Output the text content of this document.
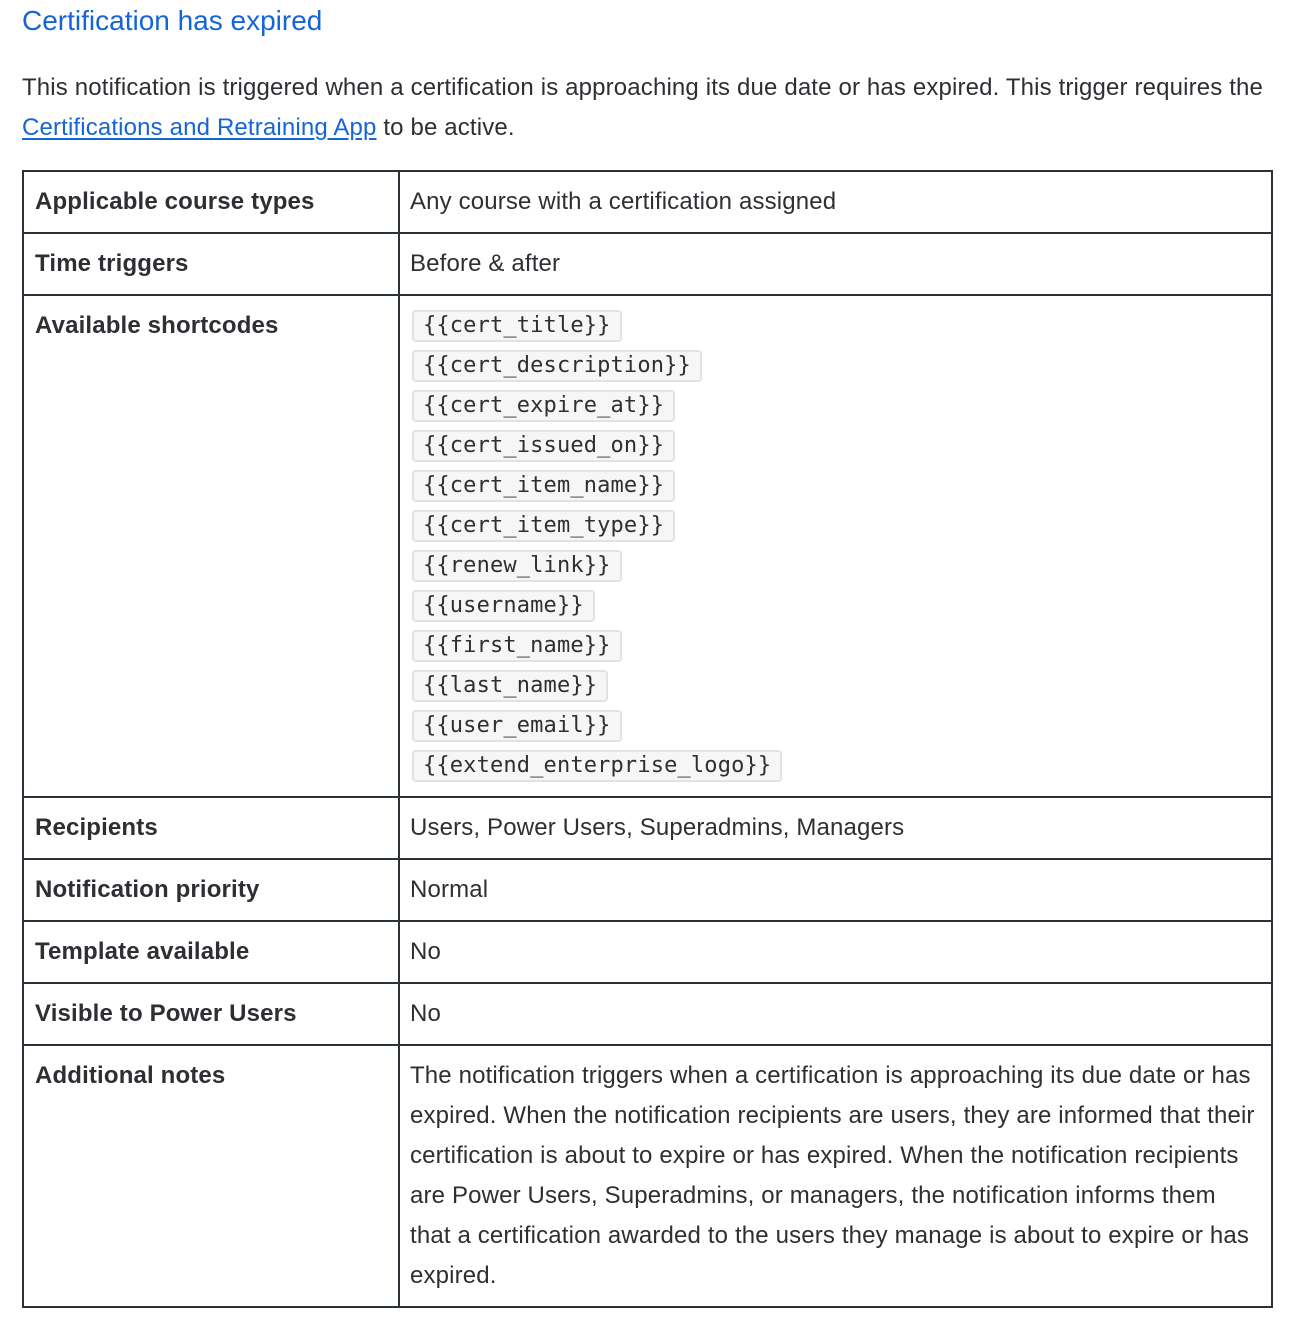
Certification has expired

This notification is triggered when a certification is approaching its due date or has expired. This trigger requires the Certifications and Retraining App to be active.

Applicable course types	Any course with a certification assigned
Time triggers	Before & after
Available shortcodes	{{cert_title}}
{{cert_description}}
{{cert_expire_at}}
{{cert_issued_on}}
{{cert_item_name}}
{{cert_item_type}}
{{renew_link}}
{{username}}
{{first_name}}
{{last_name}}
{{user_email}}
{{extend_enterprise_logo}}

Recipients	Users, Power Users, Superadmins, Managers
Notification priority	Normal
Template available	No
Visible to Power Users	No
Additional notes	The notification triggers when a certification is approaching its due date or has expired. When the notification recipients are users, they are informed that their certification is about to expire or has expired. When the notification recipients are Power Users, Superadmins, or managers, the notification informs them that a certification awarded to the users they manage is about to expire or has expired.
